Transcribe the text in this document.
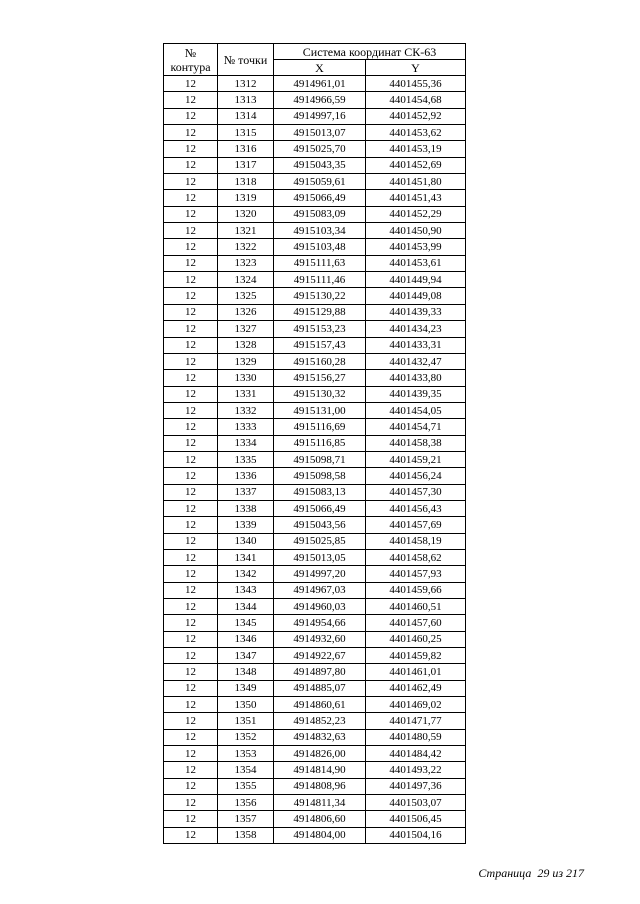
№ контура	№ точки	Система координат СК-63	
		X	Y
12	1312	4914961,01	4401455,36
12	1313	4914966,59	4401454,68
12	1314	4914997,16	4401452,92
12	1315	4915013,07	4401453,62
12	1316	4915025,70	4401453,19
12	1317	4915043,35	4401452,69
12	1318	4915059,61	4401451,80
12	1319	4915066,49	4401451,43
12	1320	4915083,09	4401452,29
12	1321	4915103,34	4401450,90
12	1322	4915103,48	4401453,99
12	1323	4915111,63	4401453,61
12	1324	4915111,46	4401449,94
12	1325	4915130,22	4401449,08
12	1326	4915129,88	4401439,33
12	1327	4915153,23	4401434,23
12	1328	4915157,43	4401433,31
12	1329	4915160,28	4401432,47
12	1330	4915156,27	4401433,80
12	1331	4915130,32	4401439,35
12	1332	4915131,00	4401454,05
12	1333	4915116,69	4401454,71
12	1334	4915116,85	4401458,38
12	1335	4915098,71	4401459,21
12	1336	4915098,58	4401456,24
12	1337	4915083,13	4401457,30
12	1338	4915066,49	4401456,43
12	1339	4915043,56	4401457,69
12	1340	4915025,85	4401458,19
12	1341	4915013,05	4401458,62
12	1342	4914997,20	4401457,93
12	1343	4914967,03	4401459,66
12	1344	4914960,03	4401460,51
12	1345	4914954,66	4401457,60
12	1346	4914932,60	4401460,25
12	1347	4914922,67	4401459,82
12	1348	4914897,80	4401461,01
12	1349	4914885,07	4401462,49
12	1350	4914860,61	4401469,02
12	1351	4914852,23	4401471,77
12	1352	4914832,63	4401480,59
12	1353	4914826,00	4401484,42
12	1354	4914814,90	4401493,22
12	1355	4914808,96	4401497,36
12	1356	4914811,34	4401503,07
12	1357	4914806,60	4401506,45
12	1358	4914804,00	4401504,16
Страница  29 из 217
